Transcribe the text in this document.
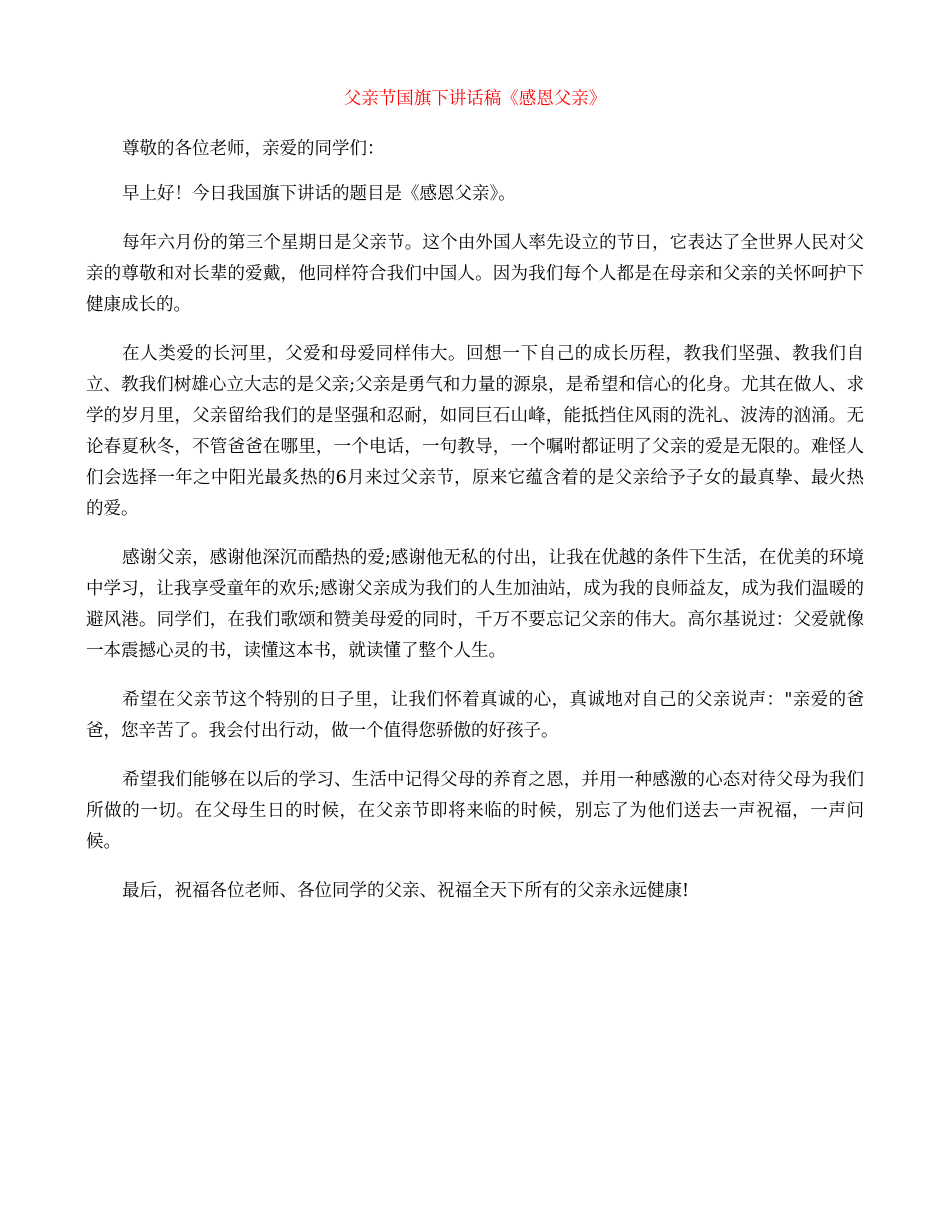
父亲节国旗下讲话稿《感恩父亲》

尊敬的各位老师，亲爱的同学们：

早上好！今日我国旗下讲话的题目是《感恩父亲》。

每年六月份的第三个星期日是父亲节。这个由外国人率先设立的节日，它表达了全世界人民对父亲的尊敬和对长辈的爱戴，他同样符合我们中国人。因为我们每个人都是在母亲和父亲的关怀呵护下健康成长的。

在人类爱的长河里，父爱和母爱同样伟大。回想一下自己的成长历程，教我们坚强、教我们自立、教我们树雄心立大志的是父亲;父亲是勇气和力量的源泉，是希望和信心的化身。尤其在做人、求学的岁月里，父亲留给我们的是坚强和忍耐，如同巨石山峰，能抵挡住风雨的洗礼、波涛的汹涌。无论春夏秋冬，不管爸爸在哪里，一个电话，一句教导，一个嘱咐都证明了父亲的爱是无限的。难怪人们会选择一年之中阳光最炙热的6月来过父亲节，原来它蕴含着的是父亲给予子女的最真挚、最火热的爱。

感谢父亲，感谢他深沉而酷热的爱;感谢他无私的付出，让我在优越的条件下生活，在优美的环境中学习，让我享受童年的欢乐;感谢父亲成为我们的人生加油站，成为我的良师益友，成为我们温暖的避风港。同学们，在我们歌颂和赞美母爱的同时，千万不要忘记父亲的伟大。高尔基说过：父爱就像一本震撼心灵的书，读懂这本书，就读懂了整个人生。

希望在父亲节这个特别的日子里，让我们怀着真诚的心，真诚地对自己的父亲说声："亲爱的爸爸，您辛苦了。我会付出行动，做一个值得您骄傲的好孩子。

希望我们能够在以后的学习、生活中记得父母的养育之恩，并用一种感激的心态对待父母为我们所做的一切。在父母生日的时候，在父亲节即将来临的时候，别忘了为他们送去一声祝福，一声问候。

最后，祝福各位老师、各位同学的父亲、祝福全天下所有的父亲永远健康!
